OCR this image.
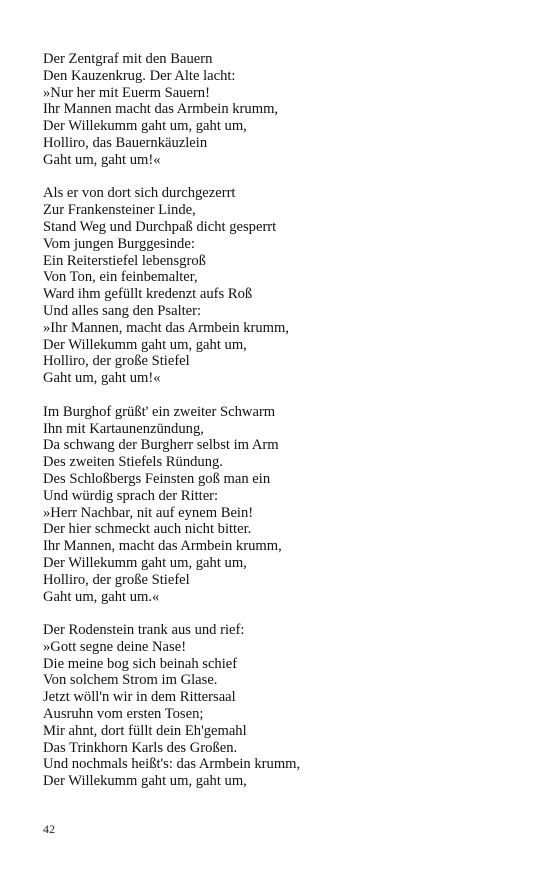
Der Zentgraf mit den Bauern
Den Kauzenkrug. Der Alte lacht:
»Nur her mit Euerm Sauern!
Ihr Mannen macht das Armbein krumm,
Der Willekumm gaht um, gaht um,
Holliro, das Bauernkäuzlein
Gaht um, gaht um!«
Als er von dort sich durchgezerrt
Zur Frankensteiner Linde,
Stand Weg und Durchpaß dicht gesperrt
Vom jungen Burggesinde:
Ein Reiterstiefel lebensgroß
Von Ton, ein feinbemalter,
Ward ihm gefüllt kredenzt aufs Roß
Und alles sang den Psalter:
»Ihr Mannen, macht das Armbein krumm,
Der Willekumm gaht um, gaht um,
Holliro, der große Stiefel
Gaht um, gaht um!«
Im Burghof grüßt' ein zweiter Schwarm
Ihn mit Kartaunenzündung,
Da schwang der Burgherr selbst im Arm
Des zweiten Stiefels Ründung.
Des Schloßbergs Feinsten goß man ein
Und würdig sprach der Ritter:
»Herr Nachbar, nit auf eynem Bein!
Der hier schmeckt auch nicht bitter.
Ihr Mannen, macht das Armbein krumm,
Der Willekumm gaht um, gaht um,
Holliro, der große Stiefel
Gaht um, gaht um.«
Der Rodenstein trank aus und rief:
»Gott segne deine Nase!
Die meine bog sich beinah schief
Von solchem Strom im Glase.
Jetzt wöll'n wir in dem Rittersaal
Ausruhn vom ersten Tosen;
Mir ahnt, dort füllt dein Eh'gemahl
Das Trinkhorn Karls des Großen.
Und nochmals heißt's: das Armbein krumm,
Der Willekumm gaht um, gaht um,
42
